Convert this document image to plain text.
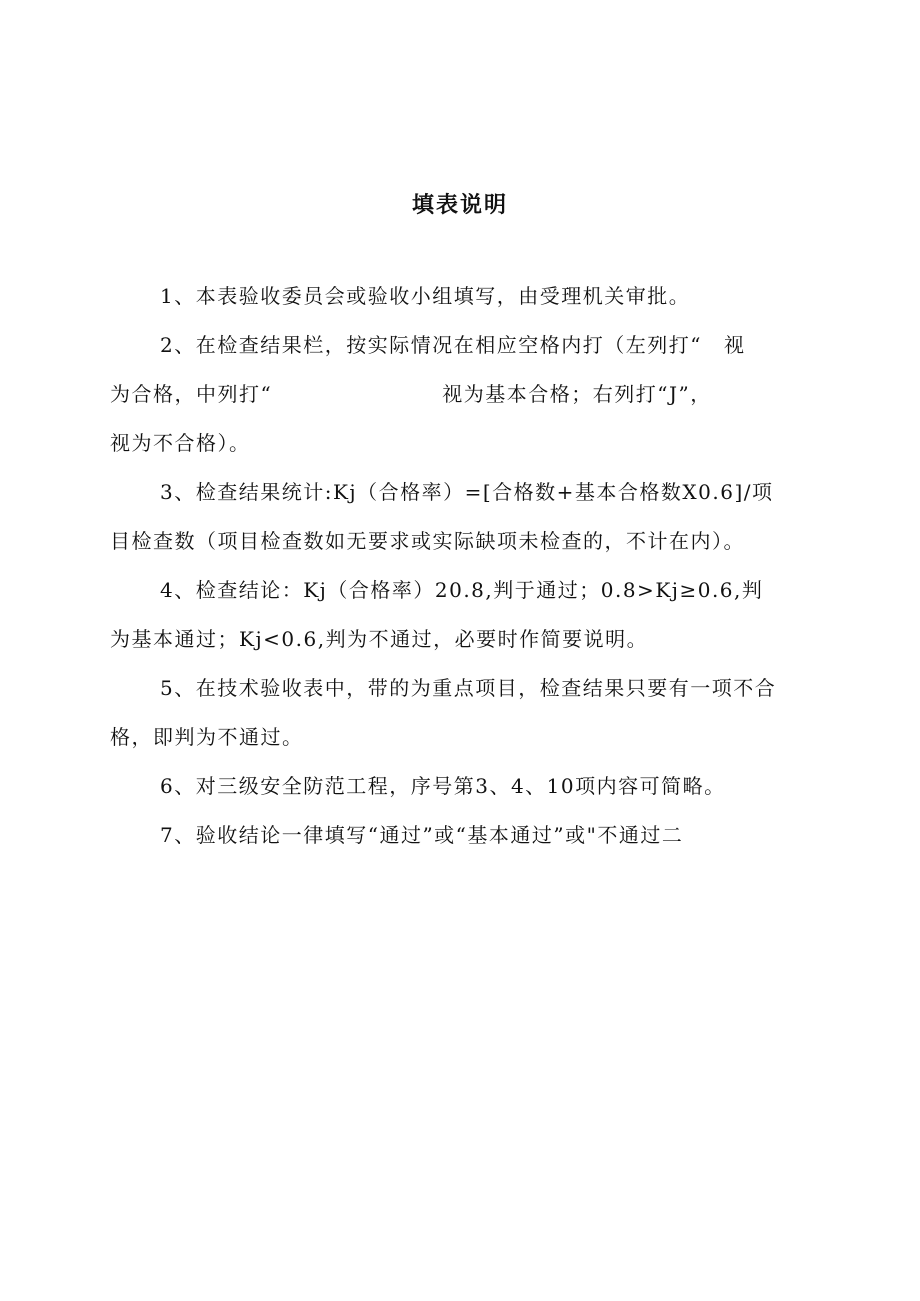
填表说明
1、本表验收委员会或验收小组填写，由受理机关审批。
2、在检查结果栏，按实际情况在相应空格内打（左列打“ 视
为合格，中列打“	视为基本合格；右列打“J”，
视为不合格）。
3、检查结果统计:Kj（合格率）=[合格数+基本合格数X0.6]/项
目检查数（项目检查数如无要求或实际缺项未检查的，不计在内）。
4、检查结论：Kj（合格率）20.8,判于通过；0.8>Kj≥0.6,判
为基本通过；Kj<0.6,判为不通过，必要时作简要说明。
5、在技术验收表中，带的为重点项目，检查结果只要有一项不合
格，即判为不通过。
6、对三级安全防范工程，序号第3、4、10项内容可简略。
7、验收结论一律填写“通过”或“基本通过”或"不通过二
